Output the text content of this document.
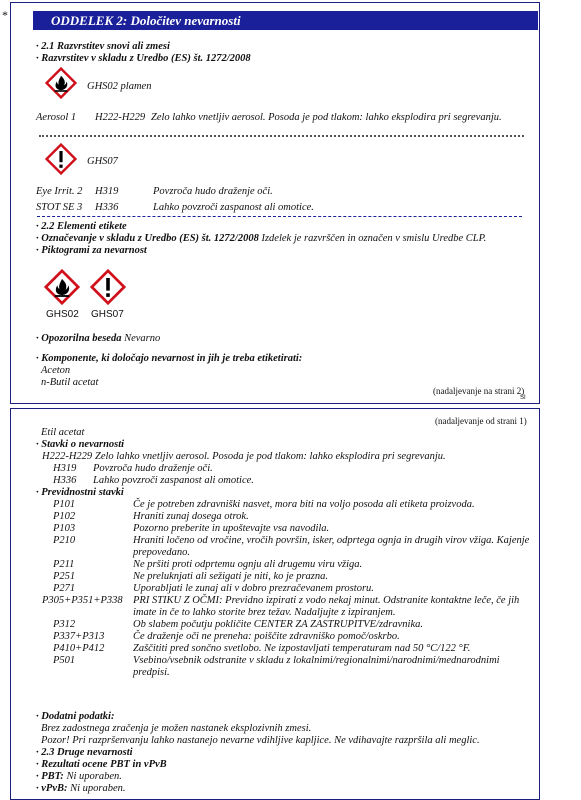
*	ODDELEK 2: Določitev nevarnosti
· 2.1 Razvrstitev snovi ali zmesi
· Razvrstitev v skladu z Uredbo (ES) št. 1272/2008
GHS02 plamen
Aerosol 1 H222-H229 Zelo lahko vnetljiv aerosol. Posoda je pod tlakom: lahko eksplodira pri segrevanju.
GHS07
Eye Irrit. 2 H319	Povzroča hudo draženje oči.
STOT SE 3 H336	Lahko povzroči zaspanost ali omotice.
· 2.2 Elementi etikete
· Označevanje v skladu z Uredbo (ES) št. 1272/2008 Izdelek je razvrščen in označen v smislu Uredbe CLP.
· Piktogrami za nevarnost
GHS02 GHS07
· Opozorilna beseda Nevarno
· Komponente, ki določajo nevarnost in jih je treba etiketirati:
Aceton
n-Butil acetat
(nadaljevanje na strani 2)
SI
(nadaljevanje od strani 1)
Etil acetat
· Stavki o nevarnosti
H222-H229 Zelo lahko vnetljiv aerosol. Posoda je pod tlakom: lahko eksplodira pri segrevanju.
H319 Povzroča hudo draženje oči.
H336 Lahko povzroči zaspanost ali omotice.
· Previdnostni stavki
P101	Če je potreben zdravniški nasvet, mora biti na voljo posoda ali etiketa proizvoda.
P102	Hraniti zunaj dosega otrok.
P103	Pozorno preberite in upoštevajte vsa navodila.
P210	Hraniti ločeno od vročine, vročih površin, isker, odprtega ognja in drugih virov vžiga. Kajenje prepovedano.
P211	Ne pršiti proti odprtemu ognju ali drugemu viru vžiga.
P251	Ne preluknjati ali sežigati je niti, ko je prazna.
P271	Uporabljati le zunaj ali v dobro prezračevanem prostoru.
P305+P351+P338 PRI STIKU Z OČMI: Previdno izpirati z vodo nekaj minut. Odstranite kontaktne leče, če jih imate in če to lahko storite brez težav. Nadaljujte z izpiranjem.
P312	Ob slabem počutju pokličite CENTER ZA ZASTRUPITVE/zdravnika.
P337+P313	Če draženje oči ne preneha: poiščite zdravniško pomoč/oskrbo.
P410+P412	Zaščititi pred sončno svetlobo. Ne izpostavljati temperaturam nad 50 °C/122 °F.
P501	Vsebino/vsebnik odstranite v skladu z lokalnimi/regionalnimi/narodnimi/mednarodnimi predpisi.
· Dodatni podatki:
Brez zadostnega zračenja je možen nastanek eksplozivnih zmesi.
Pozor! Pri razpršenvanju lahko nastanejo nevarne vdihljive kapljice. Ne vdihavajte razpršila ali meglic.
· 2.3 Druge nevarnosti
· Rezultati ocene PBT in vPvB
· PBT: Ni uporaben.
· vPvB: Ni uporaben.
